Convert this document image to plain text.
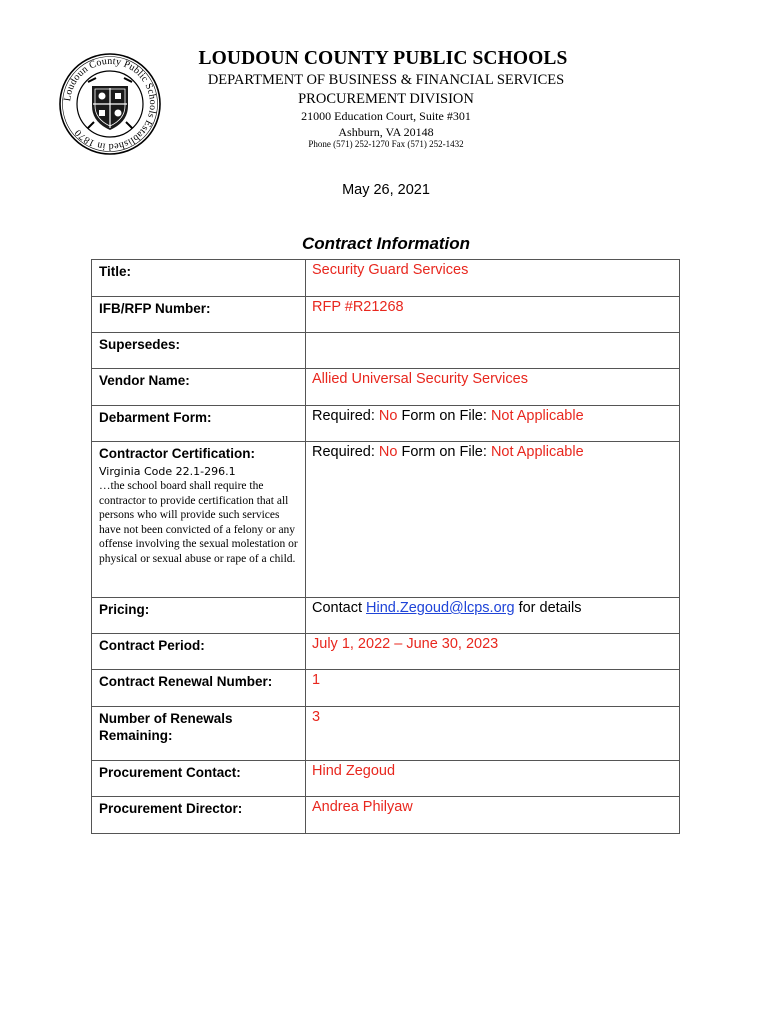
Loudoun County Public Schools Established in 1870
LOUDOUN COUNTY PUBLIC SCHOOLS
DEPARTMENT OF BUSINESS & FINANCIAL SERVICES
PROCUREMENT DIVISION
21000 Education Court, Suite #301
Ashburn, VA 20148
Phone (571) 252-1270 Fax (571) 252-1432
May 26, 2021
Contract Information
Title:	Security Guard Services
IFB/RFP Number:	RFP #R21268
Supersedes:	
Vendor Name:	Allied Universal Security Services
Debarment Form:	Required: No Form on File: Not Applicable

Contractor Certification:
Virginia Code 22.1-296.1
…the school board shall require the contractor to provide certification that all persons who will provide such services have not been convicted of a felony or any offense involving the sexual molestation or physical or sexual abuse or rape of a child.	Required: No Form on File: Not Applicable
Pricing:	Contact Hind.Zegoud@lcps.org for details
Contract Period:	July 1, 2022 – June 30, 2023
Contract Renewal Number:	1
Number of Renewals Remaining:	3
Procurement Contact:	Hind Zegoud
Procurement Director:	Andrea Philyaw
